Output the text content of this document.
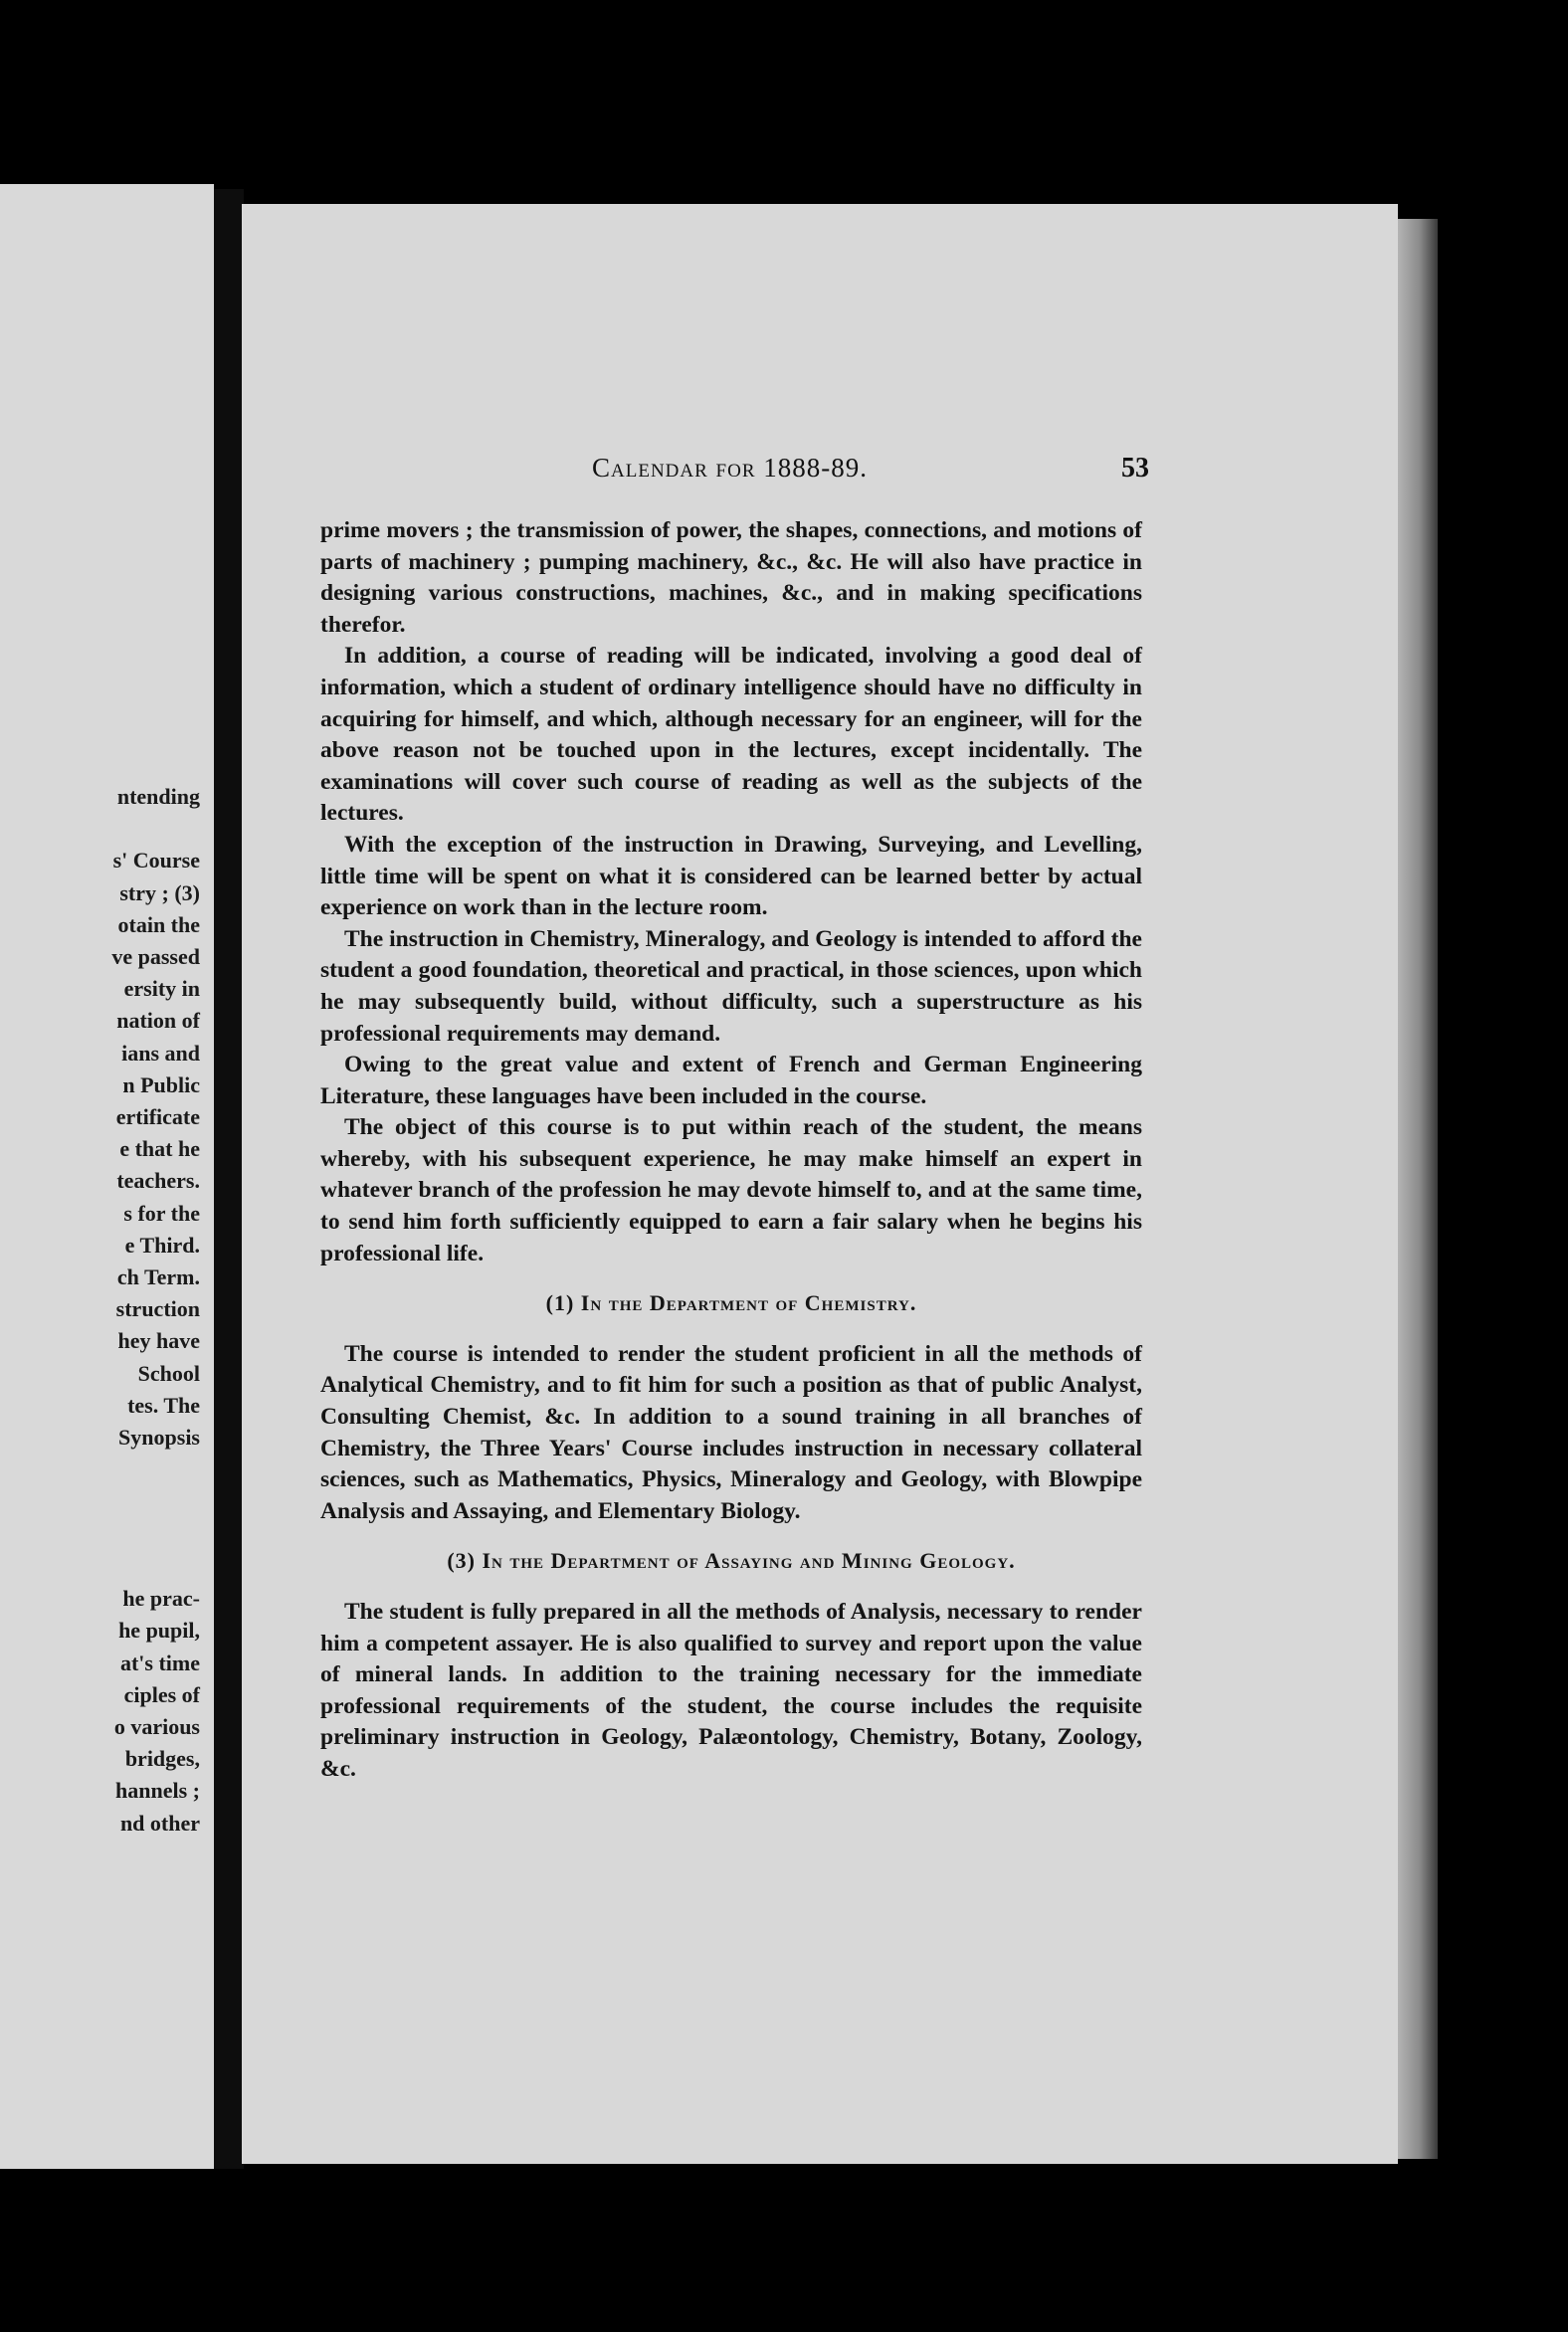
ntending

s' Course
stry ; (3)
otain the
ve passed
ersity in
nation of
ians and
n Public
ertificate
e that he
teachers.
s for the
e Third.
ch Term.
struction
hey have
School
tes. The
Synopsis
he prac-
he pupil,
at's time
ciples of
o various
bridges,
hannels ;
nd other
Calendar for 1888-89.	53

prime movers ; the transmission of power, the shapes, connections, and motions of parts of machinery ; pumping machinery, &c., &c. He will also have practice in designing various constructions, machines, &c., and in making specifications therefor.

In addition, a course of reading will be indicated, involving a good deal of information, which a student of ordinary intelligence should have no difficulty in acquiring for himself, and which, although necessary for an engineer, will for the above reason not be touched upon in the lectures, except incidentally. The examinations will cover such course of reading as well as the subjects of the lectures.

With the exception of the instruction in Drawing, Surveying, and Levelling, little time will be spent on what it is considered can be learned better by actual experience on work than in the lecture room.

The instruction in Chemistry, Mineralogy, and Geology is intended to afford the student a good foundation, theoretical and practical, in those sciences, upon which he may subsequently build, without difficulty, such a superstructure as his professional requirements may demand.

Owing to the great value and extent of French and German Engineering Literature, these languages have been included in the course.

The object of this course is to put within reach of the student, the means whereby, with his subsequent experience, he may make himself an expert in whatever branch of the profession he may devote himself to, and at the same time, to send him forth sufficiently equipped to earn a fair salary when he begins his professional life.

(1) In the Department of Chemistry.

The course is intended to render the student proficient in all the methods of Analytical Chemistry, and to fit him for such a position as that of public Analyst, Consulting Chemist, &c. In addition to a sound training in all branches of Chemistry, the Three Years' Course includes instruction in necessary collateral sciences, such as Mathematics, Physics, Mineralogy and Geology, with Blowpipe Analysis and Assaying, and Elementary Biology.

(3) In the Department of Assaying and Mining Geology.

The student is fully prepared in all the methods of Analysis, necessary to render him a competent assayer. He is also qualified to survey and report upon the value of mineral lands. In addition to the training necessary for the immediate professional requirements of the student, the course includes the requisite preliminary instruction in Geology, Palæontology, Chemistry, Botany, Zoology, &c.
